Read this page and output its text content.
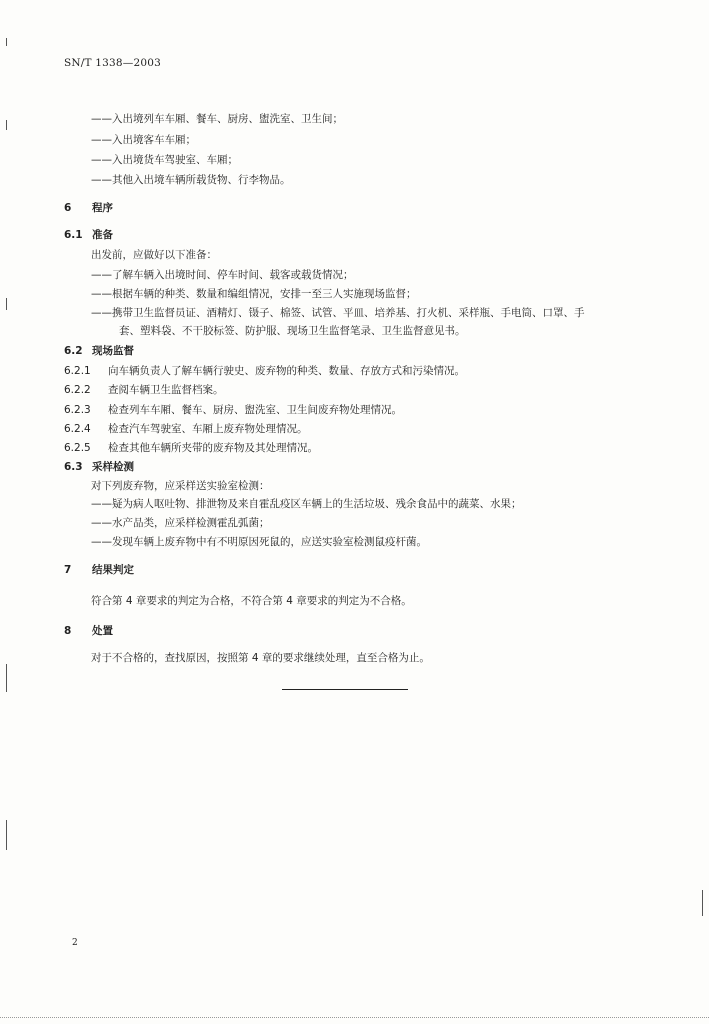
SN/T 1338—2003
——入出境列车车厢、餐车、厨房、盥洗室、卫生间；
——入出境客车车厢；
——入出境货车驾驶室、车厢；
——其他入出境车辆所载货物、行李物品。
6 程序
6.1 准备
出发前，应做好以下准备：
——了解车辆入出境时间、停车时间、载客或载货情况；
——根据车辆的种类、数量和编组情况，安排一至三人实施现场监督；
——携带卫生监督员证、酒精灯、镊子、棉签、试管、平皿、培养基、打火机、采样瓶、手电筒、口罩、手
套、塑料袋、不干胶标签、防护服、现场卫生监督笔录、卫生监督意见书。
6.2 现场监督
6.2.1 向车辆负责人了解车辆行驶史、废弃物的种类、数量、存放方式和污染情况。
6.2.2 查阅车辆卫生监督档案。
6.2.3 检查列车车厢、餐车、厨房、盥洗室、卫生间废弃物处理情况。
6.2.4 检查汽车驾驶室、车厢上废弃物处理情况。
6.2.5 检查其他车辆所夹带的废弃物及其处理情况。
6.3 采样检测
对下列废弃物，应采样送实验室检测：
——疑为病人呕吐物、排泄物及来自霍乱疫区车辆上的生活垃圾、残余食品中的蔬菜、水果；
——水产品类，应采样检测霍乱弧菌；
——发现车辆上废弃物中有不明原因死鼠的，应送实验室检测鼠疫杆菌。
7 结果判定
符合第 4 章要求的判定为合格，不符合第 4 章要求的判定为不合格。
8 处置
对于不合格的，查找原因，按照第 4 章的要求继续处理，直至合格为止。
2
